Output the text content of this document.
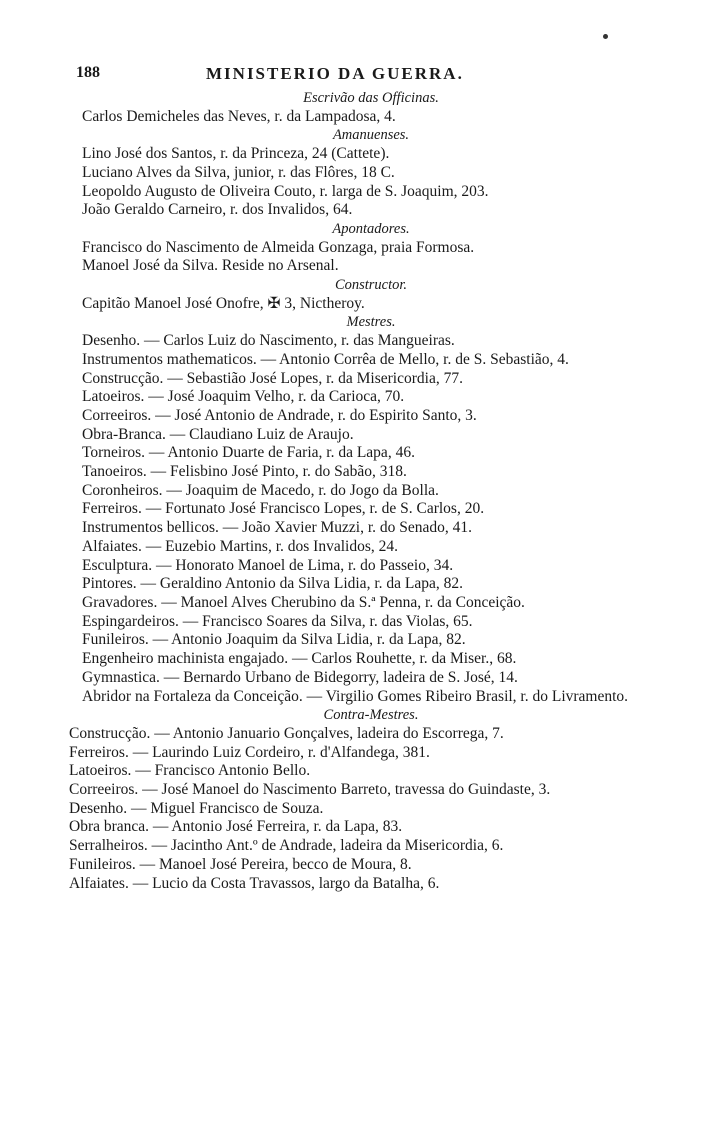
188	MINISTERIO DA GUERRA.
Escrivão das Officinas.
Carlos Demicheles das Neves, r. da Lampadosa, 4.
Amanuenses.
Lino José dos Santos, r. da Princeza, 24 (Cattete).
Luciano Alves da Silva, junior, r. das Flôres, 18 C.
Leopoldo Augusto de Oliveira Couto, r. larga de S. Joaquim, 203.
João Geraldo Carneiro, r. dos Invalidos, 64.
Apontadores.
Francisco do Nascimento de Almeida Gonzaga, praia Formosa.
Manoel José da Silva. Reside no Arsenal.
Constructor.
Capitão Manoel José Onofre, ✠ 3, Nictheroy.
Mestres.
Desenho. — Carlos Luiz do Nascimento, r. das Mangueiras.
Instrumentos mathematicos. — Antonio Corrêa de Mello, r. de S. Sebastião, 4.
Construcção. — Sebastião José Lopes, r. da Misericordia, 77.
Latoeiros. — José Joaquim Velho, r. da Carioca, 70.
Correeiros. — José Antonio de Andrade, r. do Espirito Santo, 3.
Obra-Branca. — Claudiano Luiz de Araujo.
Torneiros. — Antonio Duarte de Faria, r. da Lapa, 46.
Tanoeiros. — Felisbino José Pinto, r. do Sabão, 318.
Coronheiros. — Joaquim de Macedo, r. do Jogo da Bolla.
Ferreiros. — Fortunato José Francisco Lopes, r. de S. Carlos, 20.
Instrumentos bellicos. — João Xavier Muzzi, r. do Senado, 41.
Alfaiates. — Euzebio Martins, r. dos Invalidos, 24.
Esculptura. — Honorato Manoel de Lima, r. do Passeio, 34.
Pintores. — Geraldino Antonio da Silva Lidia, r. da Lapa, 82.
Gravadores. — Manoel Alves Cherubino da S.ª Penna, r. da Conceição.
Espingardeiros. — Francisco Soares da Silva, r. das Violas, 65.
Funileiros. — Antonio Joaquim da Silva Lidia, r. da Lapa, 82.
Engenheiro machinista engajado. — Carlos Rouhette, r. da Miser., 68.
Gymnastica. — Bernardo Urbano de Bidegorry, ladeira de S. José, 14.
Abridor na Fortaleza da Conceição. — Virgilio Gomes Ribeiro Brasil, r. do Livramento.
Contra-Mestres.
Construcção. — Antonio Januario Gonçalves, ladeira do Escorrega, 7.
Ferreiros. — Laurindo Luiz Cordeiro, r. d'Alfandega, 381.
Latoeiros. — Francisco Antonio Bello.
Correeiros. — José Manoel do Nascimento Barreto, travessa do Guindaste, 3.
Desenho. — Miguel Francisco de Souza.
Obra branca. — Antonio José Ferreira, r. da Lapa, 83.
Serralheiros. — Jacintho Ant.º de Andrade, ladeira da Misericordia, 6.
Funileiros. — Manoel José Pereira, becco de Moura, 8.
Alfaiates. — Lucio da Costa Travassos, largo da Batalha, 6.
